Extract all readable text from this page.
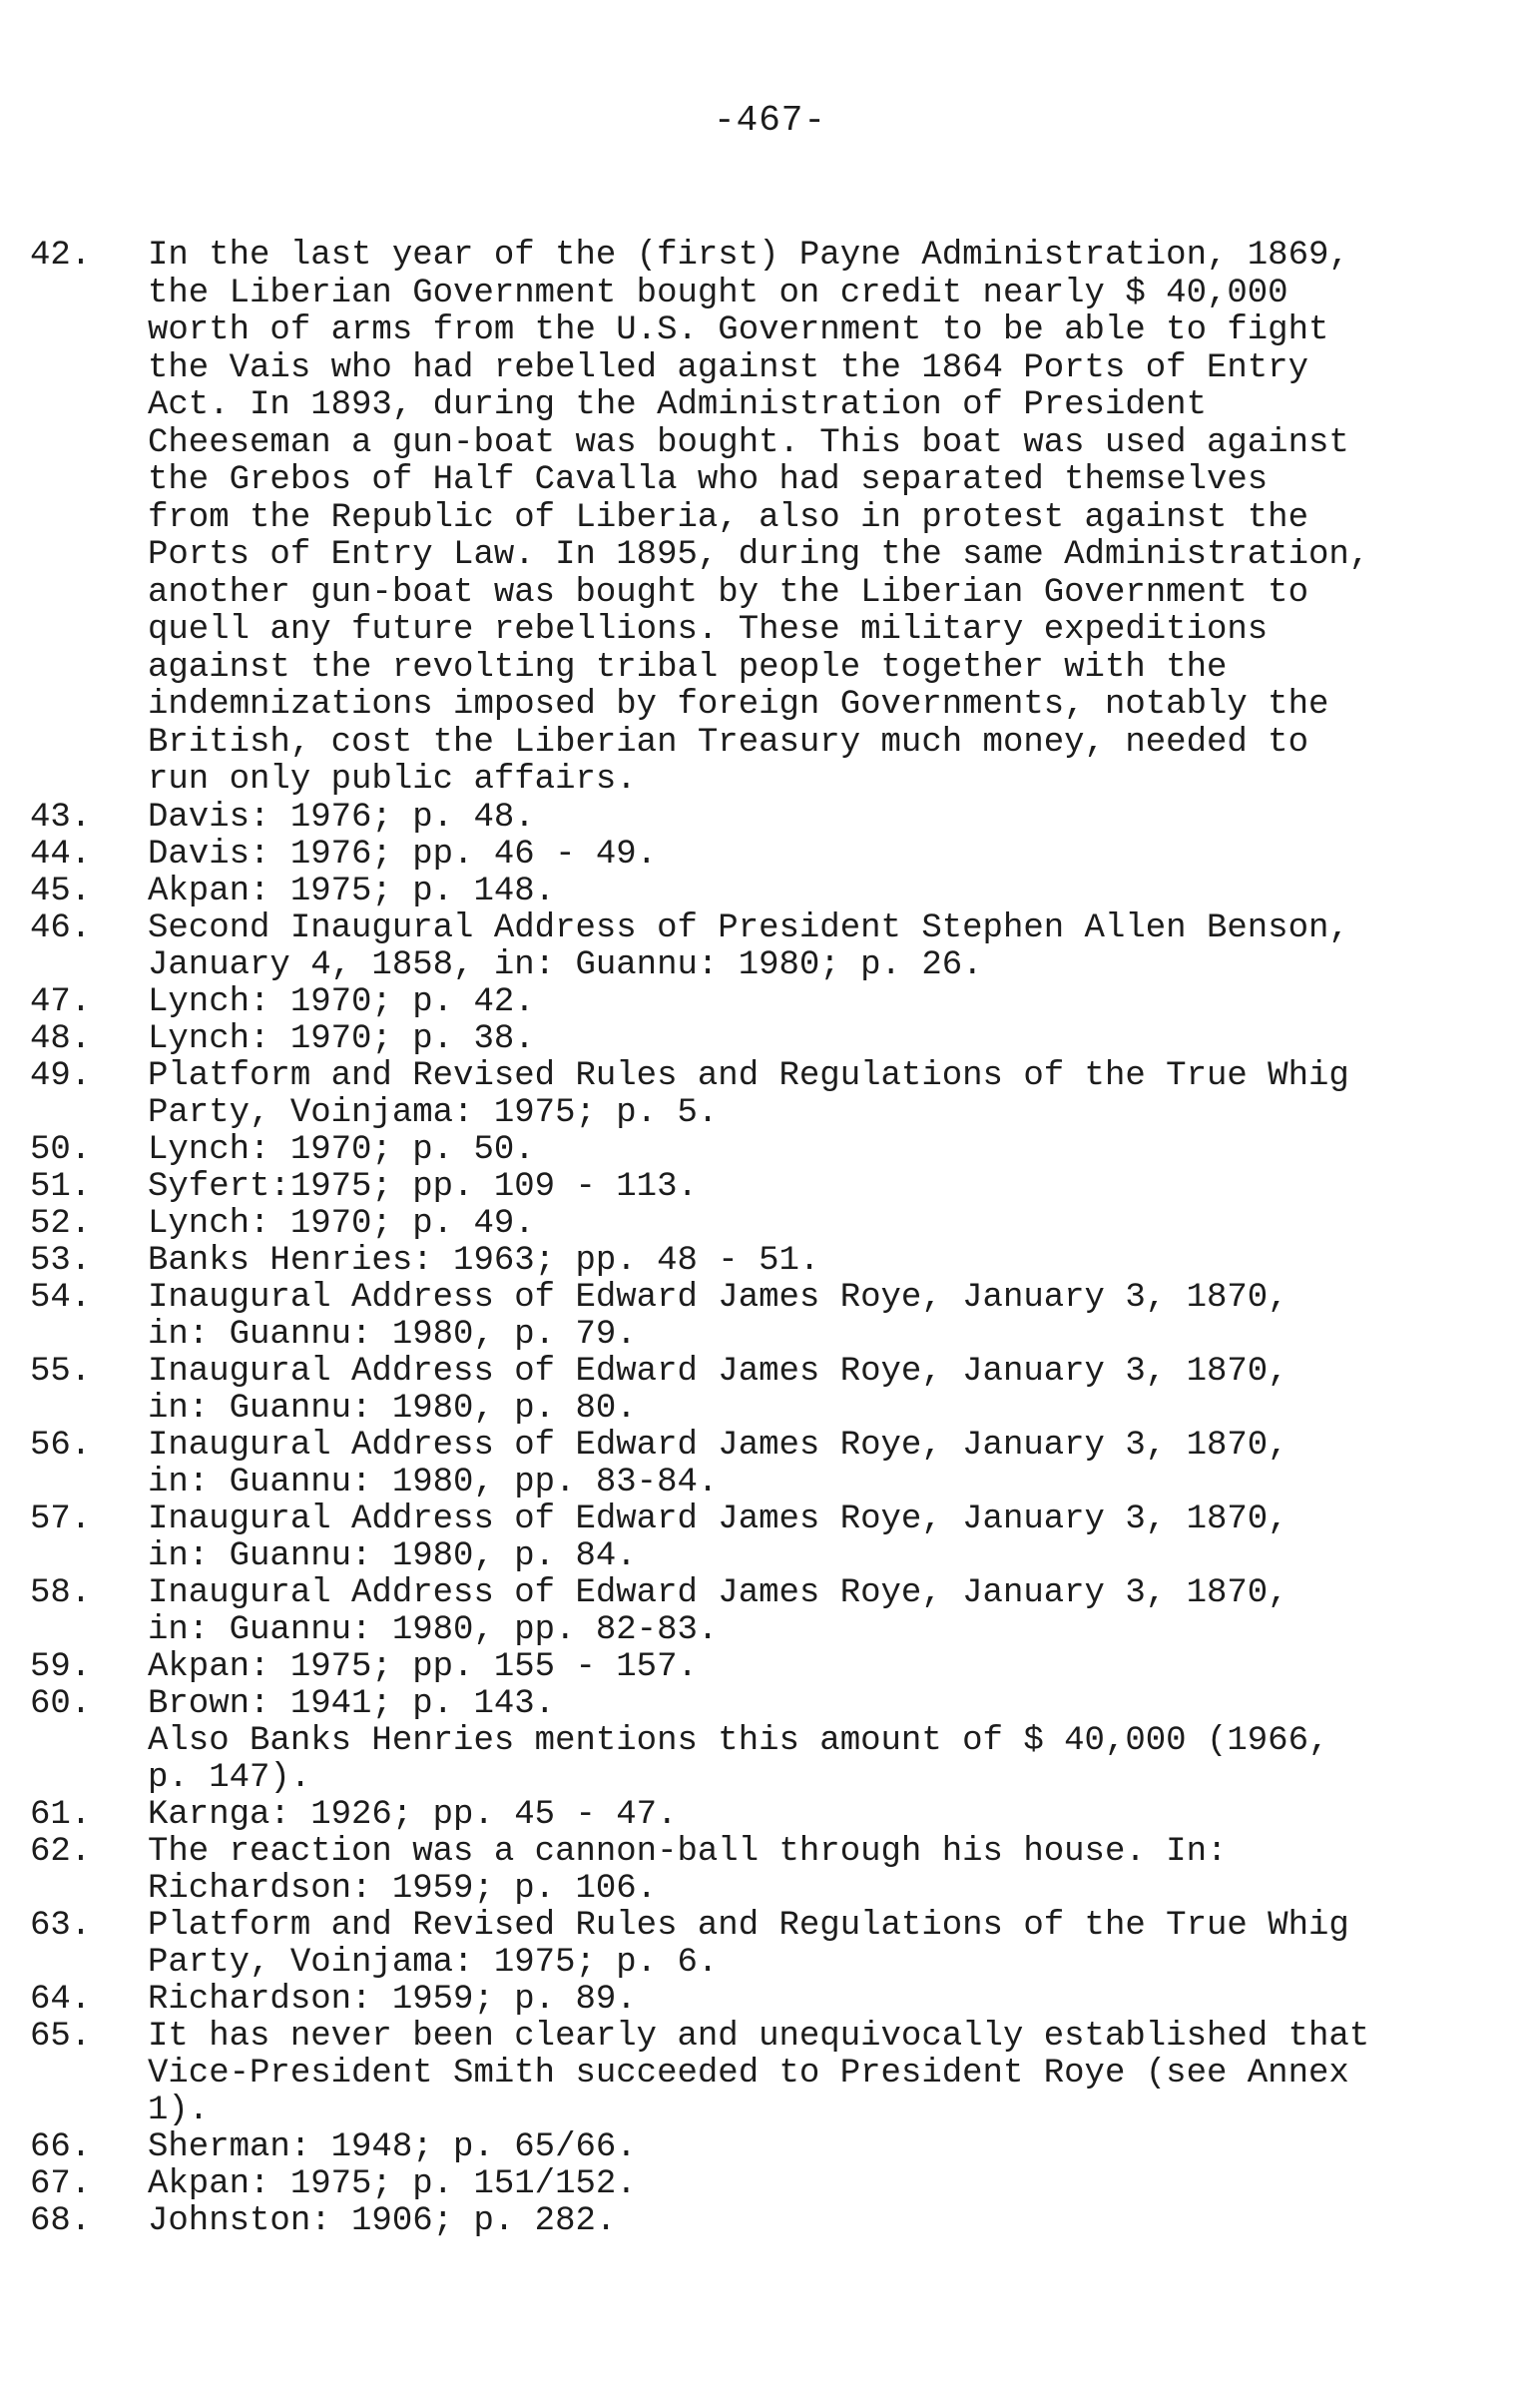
-467-
42.	In the last year of the (first) Payne Administration, 1869,
the Liberian Government bought on credit nearly $ 40,000
worth of arms from the U.S. Government to be able to fight
the Vais who had rebelled against the 1864 Ports of Entry
Act. In 1893, during the Administration of President
Cheeseman a gun-boat was bought. This boat was used against
the Grebos of Half Cavalla who had separated themselves
from the Republic of Liberia, also in protest against the
Ports of Entry Law. In 1895, during the same Administration,
another gun-boat was bought by the Liberian Government to
quell any future rebellions. These military expeditions
against the revolting tribal people together with the
indemnizations imposed by foreign Governments, notably the
British, cost the Liberian Treasury much money, needed to
run only public affairs.
43.	Davis: 1976; p. 48.
44.	Davis: 1976; pp. 46 - 49.
45.	Akpan: 1975; p. 148.
46.	Second Inaugural Address of President Stephen Allen Benson,
January 4, 1858, in: Guannu: 1980; p. 26.
47.	Lynch: 1970; p. 42.
48.	Lynch: 1970; p. 38.
49.	Platform and Revised Rules and Regulations of the True Whig
Party, Voinjama: 1975; p. 5.
50.	Lynch: 1970; p. 50.
51.	Syfert:1975; pp. 109 - 113.
52.	Lynch: 1970; p. 49.
53.	Banks Henries: 1963; pp. 48 - 51.
54.	Inaugural Address of Edward James Roye, January 3, 1870,
in: Guannu: 1980, p. 79.
55.	Inaugural Address of Edward James Roye, January 3, 1870,
in: Guannu: 1980, p. 80.
56.	Inaugural Address of Edward James Roye, January 3, 1870,
in: Guannu: 1980, pp. 83-84.
57.	Inaugural Address of Edward James Roye, January 3, 1870,
in: Guannu: 1980, p. 84.
58.	Inaugural Address of Edward James Roye, January 3, 1870,
in: Guannu: 1980, pp. 82-83.
59.	Akpan: 1975; pp. 155 - 157.
60.	Brown: 1941; p. 143.
Also Banks Henries mentions this amount of $ 40,000 (1966,
p. 147).
61.	Karnga: 1926; pp. 45 - 47.
62.	The reaction was a cannon-ball through his house. In:
Richardson: 1959; p. 106.
63.	Platform and Revised Rules and Regulations of the True Whig
Party, Voinjama: 1975; p. 6.
64.	Richardson: 1959; p. 89.
65.	It has never been clearly and unequivocally established that
Vice-President Smith succeeded to President Roye (see Annex
1).
66.	Sherman: 1948; p. 65/66.
67.	Akpan: 1975; p. 151/152.
68.	Johnston: 1906; p. 282.
